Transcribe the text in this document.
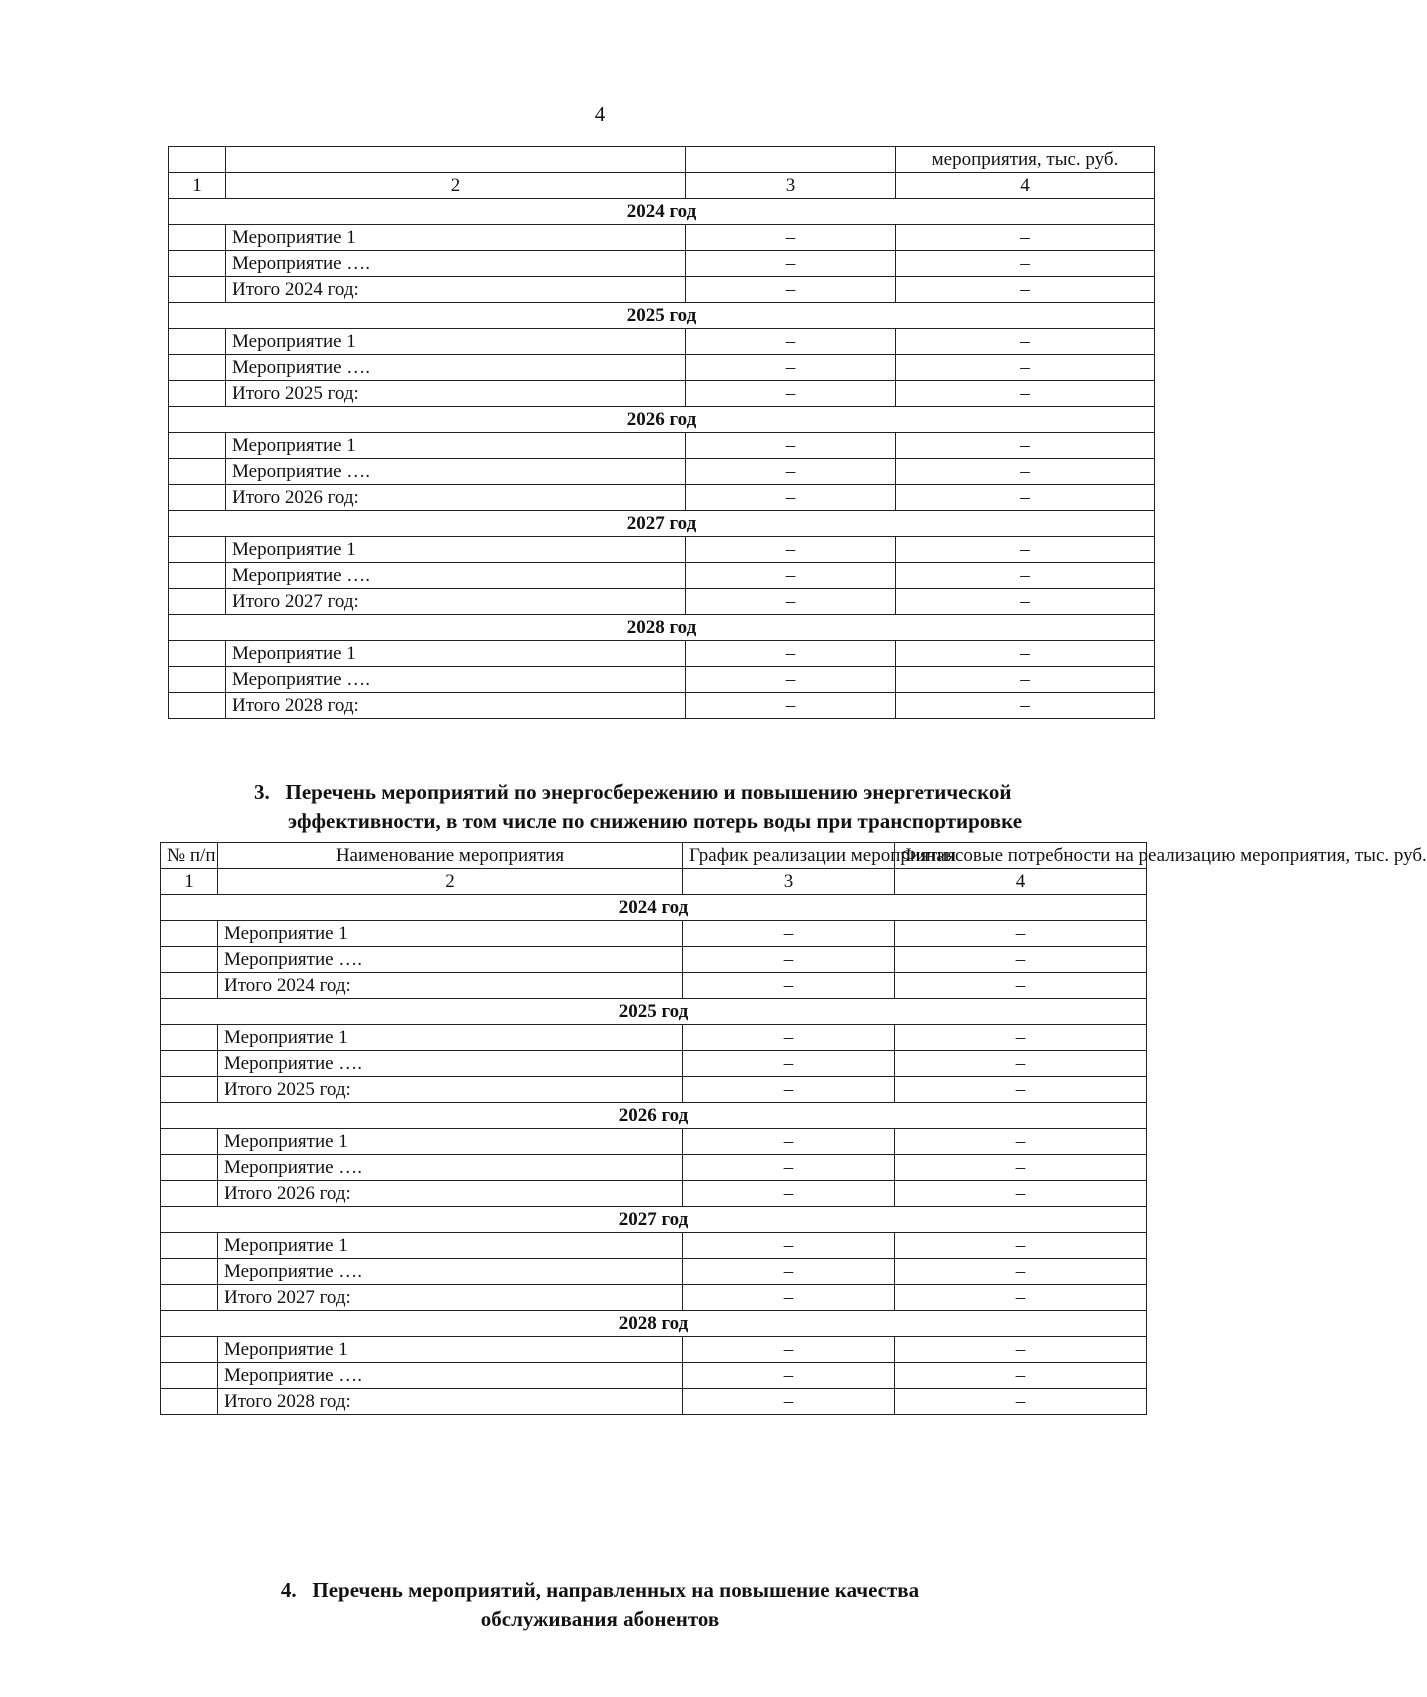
4
			мероприятия, тыс. руб.
1	2	3	4
2024 год			
	Мероприятие 1	–	–
	Мероприятие ….	–	–
	Итого 2024 год:	–	–
2025 год			
	Мероприятие 1	–	–
	Мероприятие ….	–	–
	Итого 2025 год:	–	–
2026 год			
	Мероприятие 1	–	–
	Мероприятие ….	–	–
	Итого 2026 год:	–	–
2027 год			
	Мероприятие 1	–	–
	Мероприятие ….	–	–
	Итого 2027 год:	–	–
2028 год			
	Мероприятие 1	–	–
	Мероприятие ….	–	–
	Итого 2028 год:	–	–
3. Перечень мероприятий по энергосбережению и повышению энергетической
эффективности, в том числе по снижению потерь воды при транспортировке
№ п/п	Наименование мероприятия	График реализации мероприятия	Финансовые потребности на реализацию мероприятия, тыс. руб.
1	2	3	4
2024 год			
	Мероприятие 1	–	–
	Мероприятие ….	–	–
	Итого 2024 год:	–	–
2025 год			
	Мероприятие 1	–	–
	Мероприятие ….	–	–
	Итого 2025 год:	–	–
2026 год			
	Мероприятие 1	–	–
	Мероприятие ….	–	–
	Итого 2026 год:	–	–
2027 год			
	Мероприятие 1	–	–
	Мероприятие ….	–	–
	Итого 2027 год:	–	–
2028 год			
	Мероприятие 1	–	–
	Мероприятие ….	–	–
	Итого 2028 год:	–	–
4. Перечень мероприятий, направленных на повышение качества
обслуживания абонентов
